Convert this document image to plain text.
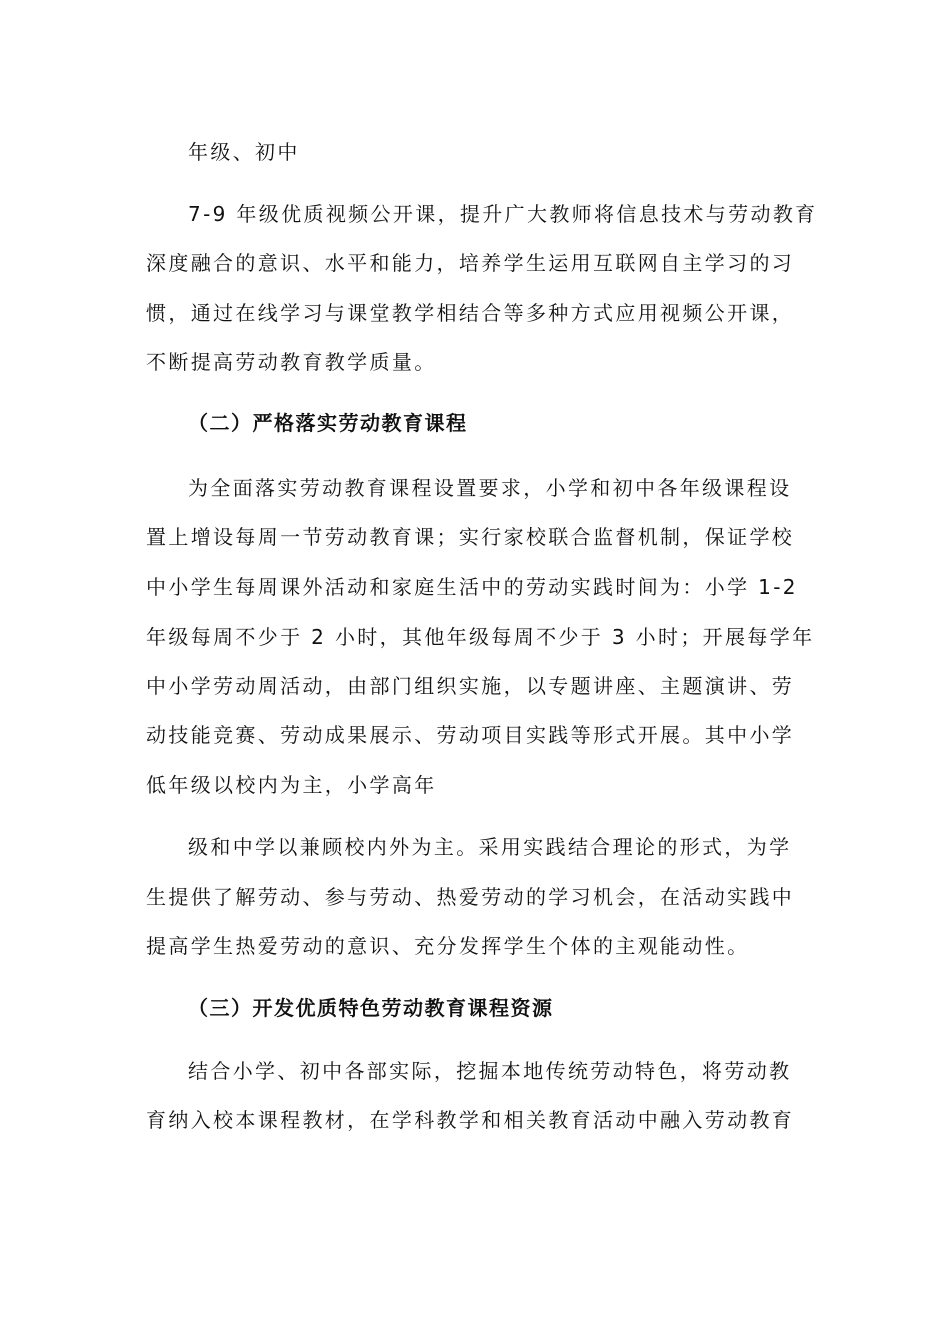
年级、初中
7-9 年级优质视频公开课，提升广大教师将信息技术与劳动教育
深度融合的意识、水平和能力，培养学生运用互联网自主学习的习
惯，通过在线学习与课堂教学相结合等多种方式应用视频公开课，
不断提高劳动教育教学质量。
（二）严格落实劳动教育课程
为全面落实劳动教育课程设置要求，小学和初中各年级课程设
置上增设每周一节劳动教育课；实行家校联合监督机制，保证学校
中小学生每周课外活动和家庭生活中的劳动实践时间为：小学 1-2
年级每周不少于 2 小时，其他年级每周不少于 3 小时；开展每学年
中小学劳动周活动，由部门组织实施，以专题讲座、主题演讲、劳
动技能竞赛、劳动成果展示、劳动项目实践等形式开展。其中小学
低年级以校内为主，小学高年
级和中学以兼顾校内外为主。采用实践结合理论的形式，为学
生提供了解劳动、参与劳动、热爱劳动的学习机会，在活动实践中
提高学生热爱劳动的意识、充分发挥学生个体的主观能动性。
（三）开发优质特色劳动教育课程资源
结合小学、初中各部实际，挖掘本地传统劳动特色，将劳动教
育纳入校本课程教材，在学科教学和相关教育活动中融入劳动教育
